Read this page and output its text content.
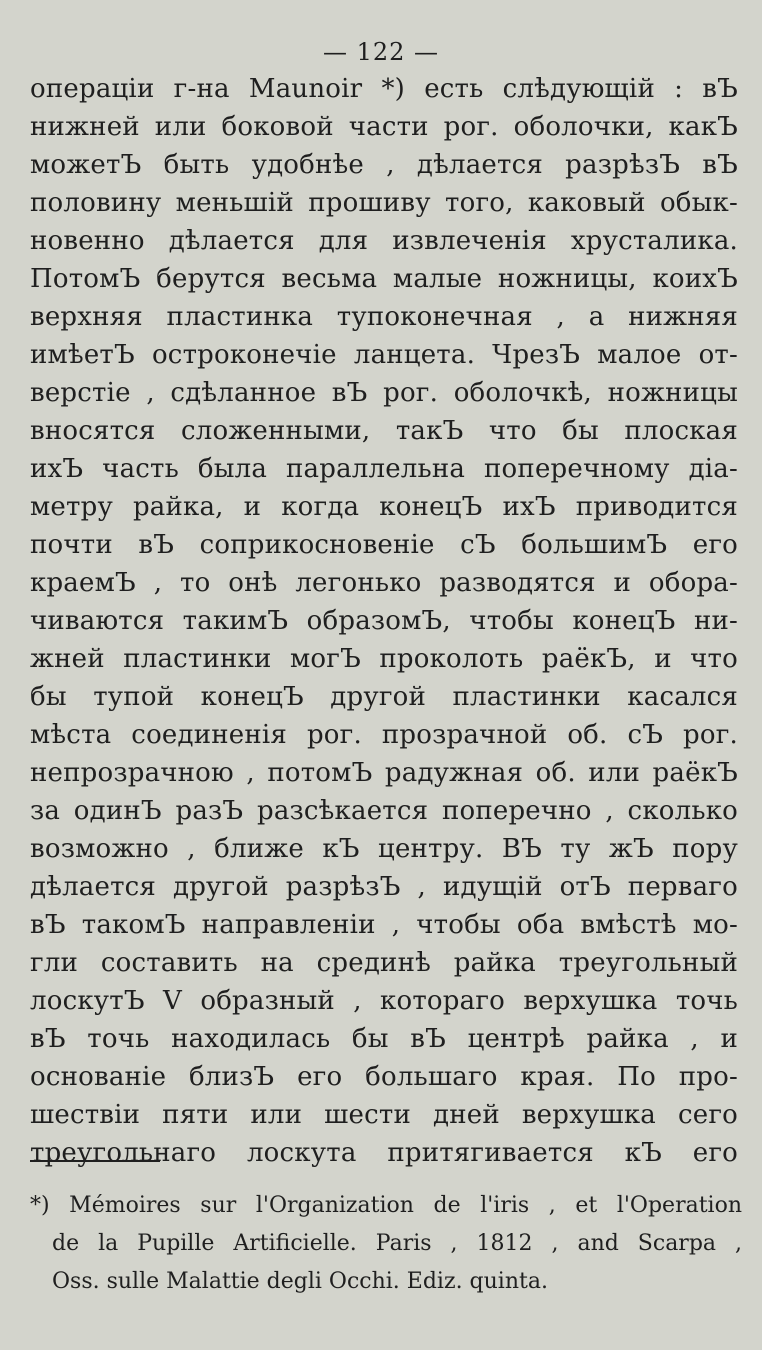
— 122 —
операціи г-на Maunoir *) есть слѣдующій : вЪ
нижней или боковой части рог. оболочки, какЪ
можетЪ быть удобнѣе , дѣлается разрѣзЪ вЪ
половину меньшій прошиву того, каковый обык-
новенно дѣлается для извлеченія хрусталика.
ПотомЪ берутся весьма малые ножницы, коихЪ
верхняя пластинка тупоконечная , а нижняя
имѣетЪ остроконечіе ланцета. ЧрезЪ малое от-
верстіе , сдѣланное вЪ рог. оболочкѣ, ножницы
вносятся сложенными, такЪ что бы плоская
ихЪ часть была параллельна поперечному діа-
метру райка, и когда конецЪ ихЪ приводится
почти вЪ соприкосновеніе сЪ большимЪ его
краемЪ , то онѣ легонько разводятся и обора-
чиваются такимЪ образомЪ, чтобы конецЪ ни-
жней пластинки могЪ проколоть раёкЪ, и что
бы тупой конецЪ другой пластинки касался
мѣста соединенія рог. прозрачной об. сЪ рог.
непрозрачною , потомЪ радужная об. или раёкЪ
за одинЪ разЪ разсѣкается поперечно , сколько
возможно , ближе кЪ центру. ВЪ ту жЪ пору
дѣлается другой разрѣзЪ , идущій отЪ перваго
вЪ такомЪ направленіи , чтобы оба вмѣстѣ мо-
гли составить на срединѣ райка треугольный
лоскутЪ V образный , котораго верхушка точь
вЪ точь находилась бы вЪ центрѣ райка , и
основаніе близЪ его большаго края. По про-
шествіи пяти или шести дней верхушка сего
треугольнаго лоскута притягивается кЪ его
*) Mémoires sur l'Organization de l'iris , et l'Operation
de la Pupille Artificielle. Paris , 1812 , and Scarpa ,
Oss. sulle Malattie degli Occhi. Ediz. quinta.
